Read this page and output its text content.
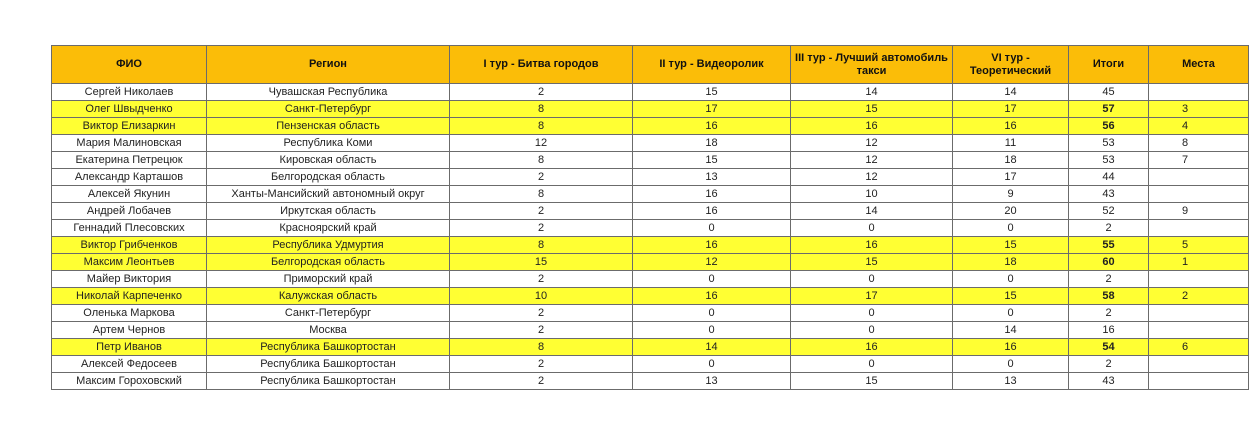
ФИО	Регион	I тур - Битва городов	II тур - Видеоролик	III тур - Лучший автомобиль такси	VI тур - Теоретический	Итоги	Места
Сергей Николаев	Чувашская Республика	2	15	14	14	45	
Олег Швыдченко	Санкт-Петербург	8	17	15	17	57	3
Виктор Елизаркин	Пензенская область	8	16	16	16	56	4
Мария Малиновская	Республика Коми	12	18	12	11	53	8
Екатерина Петрецюк	Кировская область	8	15	12	18	53	7
Александр Карташов	Белгородская область	2	13	12	17	44	
Алексей Якунин	Ханты-Мансийский автономный округ	8	16	10	9	43	
Андрей Лобачев	Иркутская область	2	16	14	20	52	9
Геннадий Плесовских	Красноярский край	2	0	0	0	2	
Виктор Грибченков	Республика Удмуртия	8	16	16	15	55	5
Максим Леонтьев	Белгородская область	15	12	15	18	60	1
Майер Виктория	Приморский край	2	0	0	0	2	
Николай Карпеченко	Калужская область	10	16	17	15	58	2
Оленька Маркова	Санкт-Петербург	2	0	0	0	2	
Артем Чернов	Москва	2	0	0	14	16	
Петр Иванов	Республика Башкортостан	8	14	16	16	54	6
Алексей Федосеев	Республика Башкортостан	2	0	0	0	2	
Максим Гороховский	Республика Башкортостан	2	13	15	13	43	
